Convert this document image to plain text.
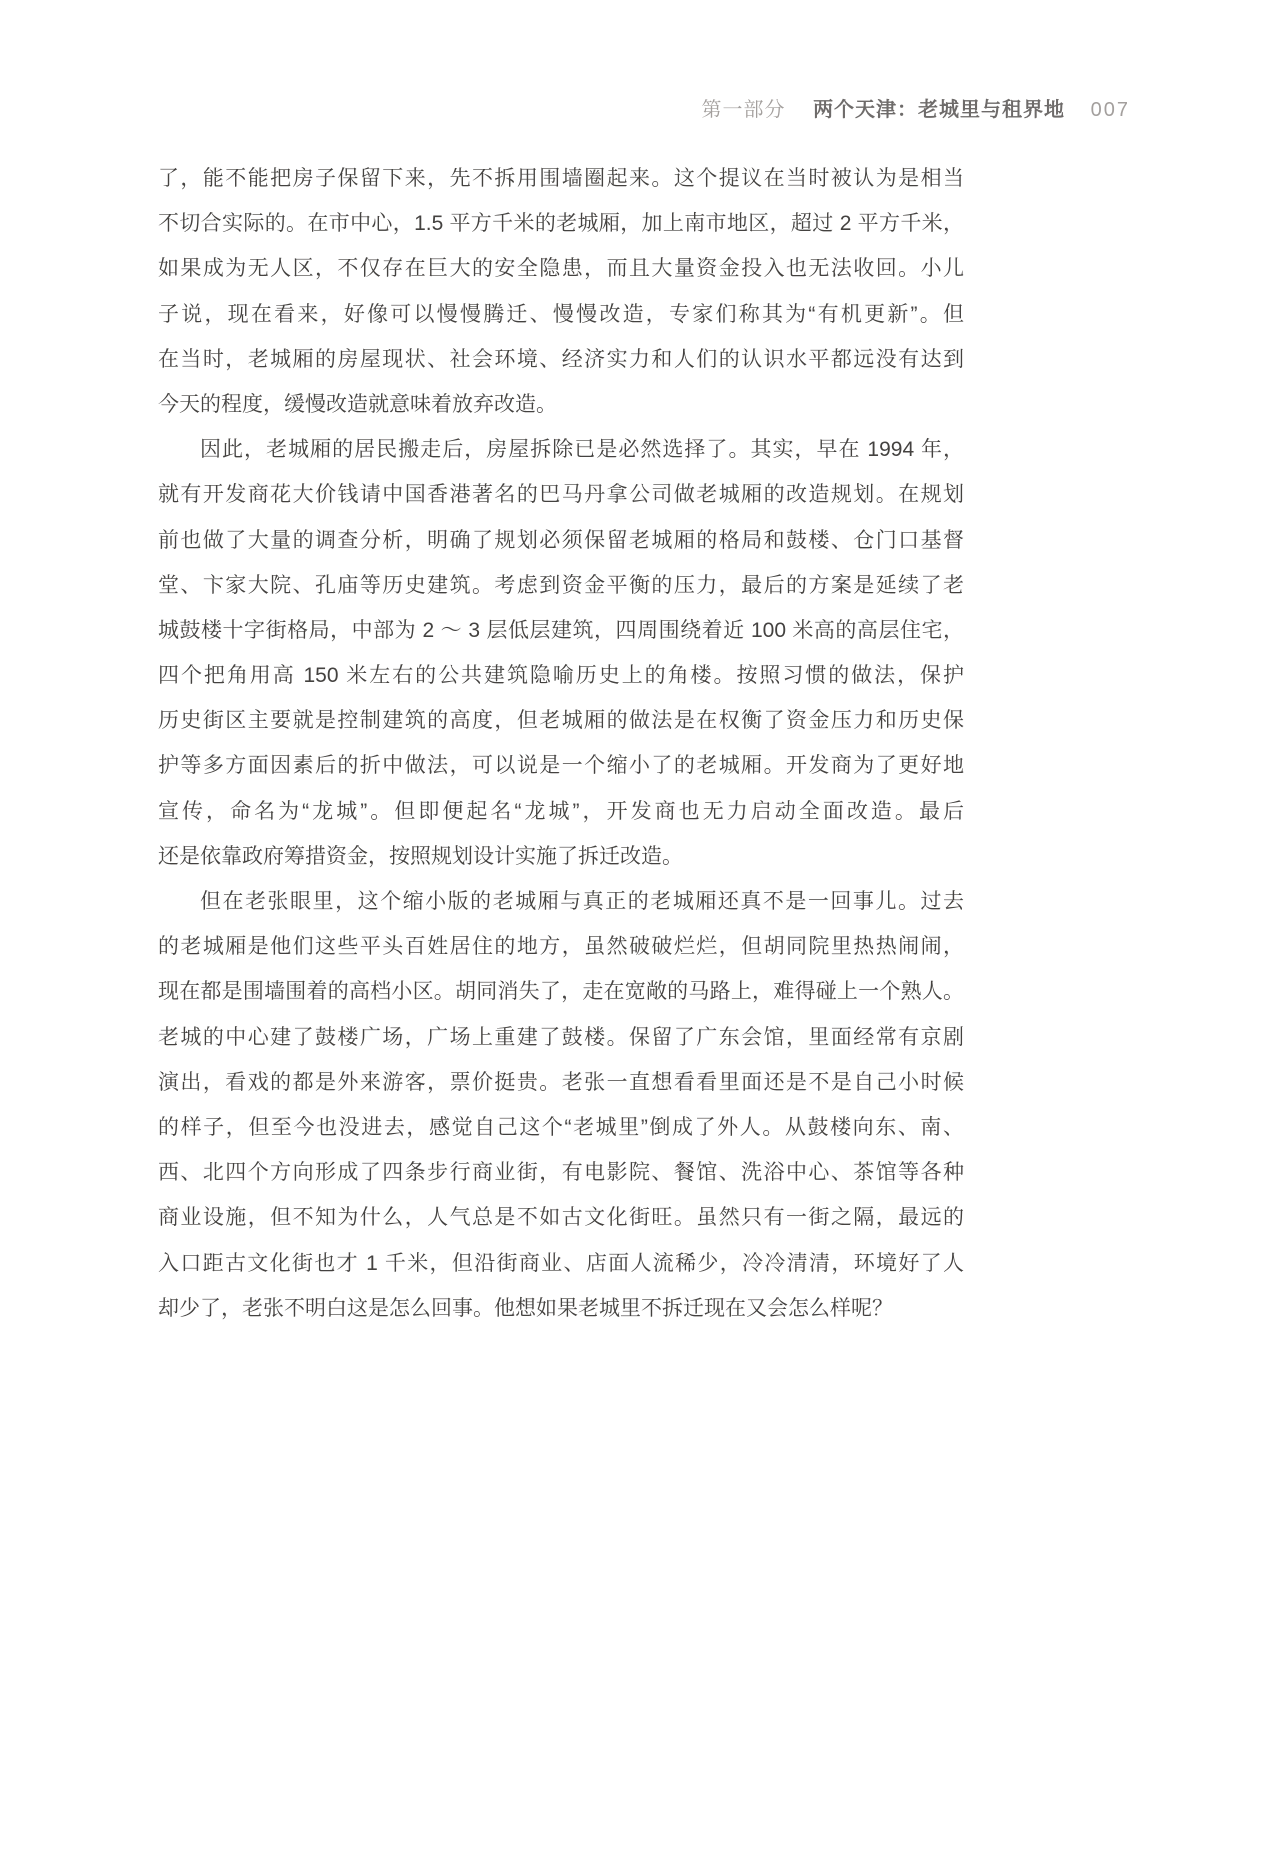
第一部分 两个天津：老城里与租界地 007
了，能不能把房子保留下来，先不拆用围墙圈起来。这个提议在当时被认为是相当
不切合实际的。在市中心，1.5 平方千米的老城厢，加上南市地区，超过 2 平方千米，
如果成为无人区，不仅存在巨大的安全隐患，而且大量资金投入也无法收回。小儿
子说，现在看来，好像可以慢慢腾迁、慢慢改造，专家们称其为“有机更新”。但
在当时，老城厢的房屋现状、社会环境、经济实力和人们的认识水平都远没有达到
今天的程度，缓慢改造就意味着放弃改造。
因此，老城厢的居民搬走后，房屋拆除已是必然选择了。其实，早在 1994 年，
就有开发商花大价钱请中国香港著名的巴马丹拿公司做老城厢的改造规划。在规划
前也做了大量的调查分析，明确了规划必须保留老城厢的格局和鼓楼、仓门口基督
堂、卞家大院、孔庙等历史建筑。考虑到资金平衡的压力，最后的方案是延续了老
城鼓楼十字街格局，中部为 2 ～ 3 层低层建筑，四周围绕着近 100 米高的高层住宅，
四个把角用高 150 米左右的公共建筑隐喻历史上的角楼。按照习惯的做法，保护
历史街区主要就是控制建筑的高度，但老城厢的做法是在权衡了资金压力和历史保
护等多方面因素后的折中做法，可以说是一个缩小了的老城厢。开发商为了更好地
宣传，命名为“龙城”。但即便起名“龙城”，开发商也无力启动全面改造。最后
还是依靠政府筹措资金，按照规划设计实施了拆迁改造。
但在老张眼里，这个缩小版的老城厢与真正的老城厢还真不是一回事儿。过去
的老城厢是他们这些平头百姓居住的地方，虽然破破烂烂，但胡同院里热热闹闹，
现在都是围墙围着的高档小区。胡同消失了，走在宽敞的马路上，难得碰上一个熟人。
老城的中心建了鼓楼广场，广场上重建了鼓楼。保留了广东会馆，里面经常有京剧
演出，看戏的都是外来游客，票价挺贵。老张一直想看看里面还是不是自己小时候
的样子，但至今也没进去，感觉自己这个“老城里”倒成了外人。从鼓楼向东、南、
西、北四个方向形成了四条步行商业街，有电影院、餐馆、洗浴中心、茶馆等各种
商业设施，但不知为什么，人气总是不如古文化街旺。虽然只有一街之隔，最远的
入口距古文化街也才 1 千米，但沿街商业、店面人流稀少，冷冷清清，环境好了人
却少了，老张不明白这是怎么回事。他想如果老城里不拆迁现在又会怎么样呢？
